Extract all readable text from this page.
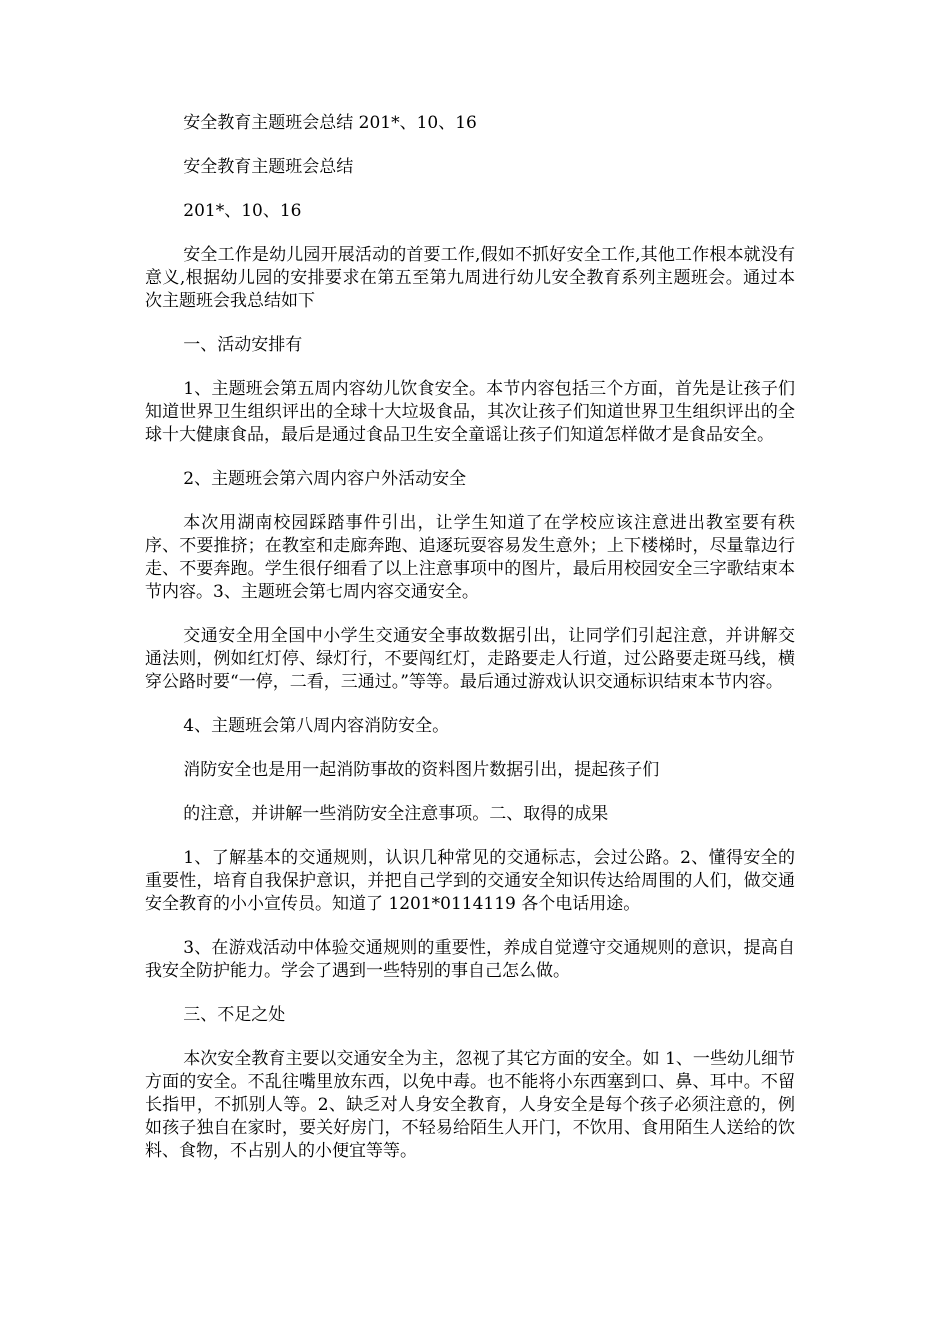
安全教育主题班会总结 201*、10、16

安全教育主题班会总结

201*、10、16

安全工作是幼儿园开展活动的首要工作,假如不抓好安全工作,其他工作根本就没有意义,根据幼儿园的安排要求在第五至第九周进行幼儿安全教育系列主题班会。通过本次主题班会我总结如下

一、活动安排有

1、主题班会第五周内容幼儿饮食安全。本节内容包括三个方面，首先是让孩子们知道世界卫生组织评出的全球十大垃圾食品，其次让孩子们知道世界卫生组织评出的全球十大健康食品，最后是通过食品卫生安全童谣让孩子们知道怎样做才是食品安全。

2、主题班会第六周内容户外活动安全

本次用湖南校园踩踏事件引出，让学生知道了在学校应该注意进出教室要有秩序、不要推挤；在教室和走廊奔跑、追逐玩耍容易发生意外；上下楼梯时，尽量靠边行走、不要奔跑。学生很仔细看了以上注意事项中的图片，最后用校园安全三字歌结束本节内容。3、主题班会第七周内容交通安全。

交通安全用全国中小学生交通安全事故数据引出，让同学们引起注意，并讲解交通法则，例如红灯停、绿灯行，不要闯红灯，走路要走人行道，过公路要走斑马线，横穿公路时要“一停，二看，三通过。”等等。最后通过游戏认识交通标识结束本节内容。

4、主题班会第八周内容消防安全。

消防安全也是用一起消防事故的资料图片数据引出，提起孩子们

的注意，并讲解一些消防安全注意事项。二、取得的成果

1、了解基本的交通规则，认识几种常见的交通标志，会过公路。2、懂得安全的重要性，培育自我保护意识，并把自己学到的交通安全知识传达给周围的人们，做交通安全教育的小小宣传员。知道了 1201*0114119 各个电话用途。

3、在游戏活动中体验交通规则的重要性，养成自觉遵守交通规则的意识，提高自我安全防护能力。学会了遇到一些特别的事自己怎么做。

三、不足之处

本次安全教育主要以交通安全为主，忽视了其它方面的安全。如 1、一些幼儿细节方面的安全。不乱往嘴里放东西，以免中毒。也不能将小东西塞到口、鼻、耳中。不留长指甲，不抓别人等。2、缺乏对人身安全教育，人身安全是每个孩子必须注意的，例如孩子独自在家时，要关好房门，不轻易给陌生人开门，不饮用、食用陌生人送给的饮料、食物，不占别人的小便宜等等。
